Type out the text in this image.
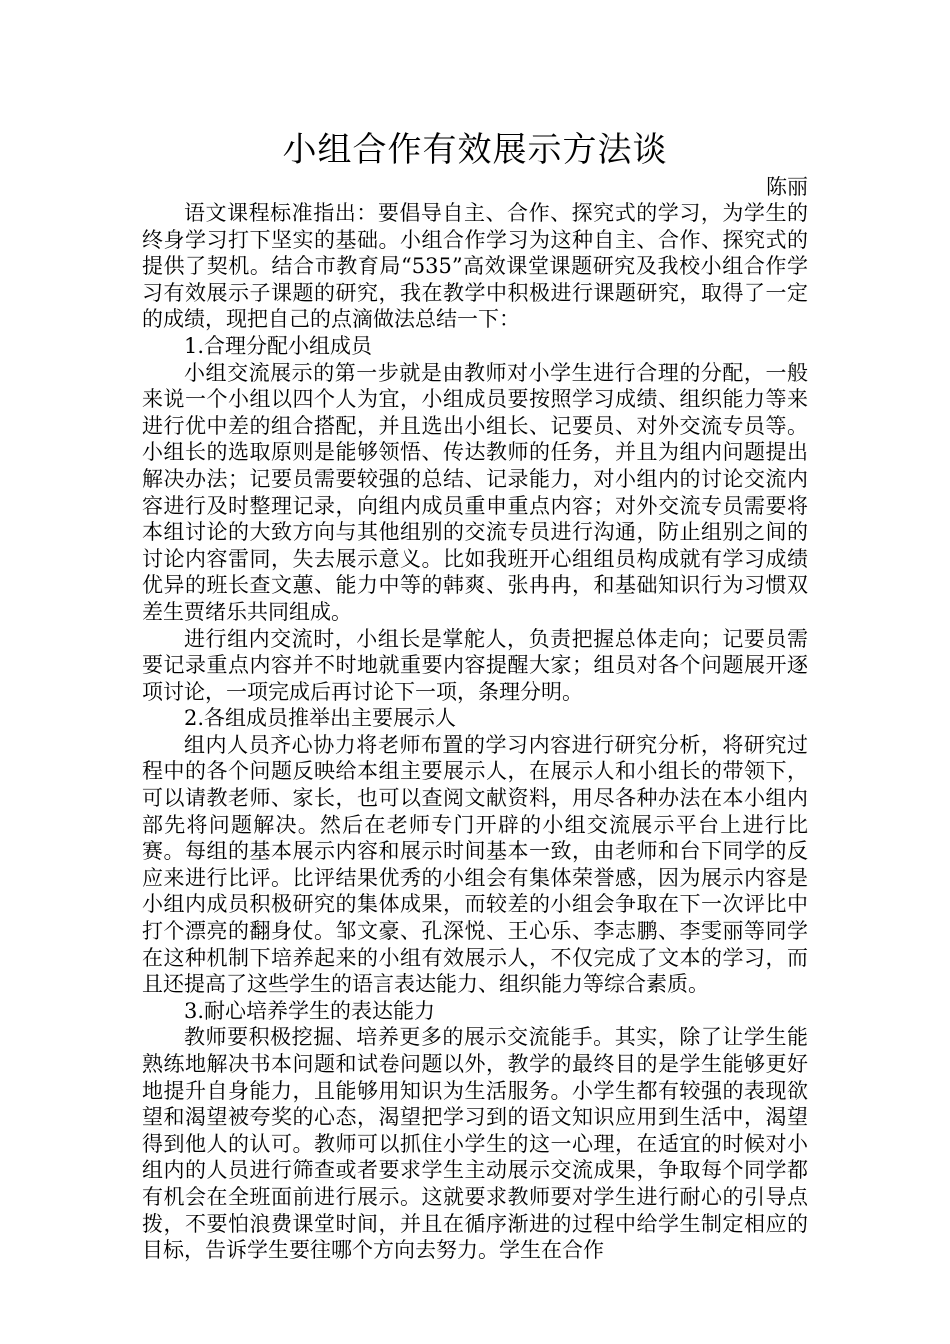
小组合作有效展示方法谈
陈丽

语文课程标准指出：要倡导自主、合作、探究式的学习，为学生的终身学习打下坚实的基础。小组合作学习为这种自主、合作、探究式的提供了契机。结合市教育局“535”高效课堂课题研究及我校小组合作学习有效展示子课题的研究，我在教学中积极进行课题研究，取得了一定的成绩，现把自己的点滴做法总结一下：

1.合理分配小组成员

小组交流展示的第一步就是由教师对小学生进行合理的分配，一般来说一个小组以四个人为宜，小组成员要按照学习成绩、组织能力等来进行优中差的组合搭配，并且选出小组长、记要员、对外交流专员等。小组长的选取原则是能够领悟、传达教师的任务，并且为组内问题提出解决办法；记要员需要较强的总结、记录能力，对小组内的讨论交流内容进行及时整理记录，向组内成员重申重点内容；对外交流专员需要将本组讨论的大致方向与其他组别的交流专员进行沟通，防止组别之间的讨论内容雷同，失去展示意义。比如我班开心组组员构成就有学习成绩优异的班长查文蕙、能力中等的韩爽、张冉冉，和基础知识行为习惯双差生贾绪乐共同组成。

进行组内交流时，小组长是掌舵人，负责把握总体走向；记要员需要记录重点内容并不时地就重要内容提醒大家；组员对各个问题展开逐项讨论，一项完成后再讨论下一项，条理分明。

2.各组成员推举出主要展示人

组内人员齐心协力将老师布置的学习内容进行研究分析，将研究过程中的各个问题反映给本组主要展示人，在展示人和小组长的带领下，可以请教老师、家长，也可以查阅文献资料，用尽各种办法在本小组内部先将问题解决。然后在老师专门开辟的小组交流展示平台上进行比赛。每组的基本展示内容和展示时间基本一致，由老师和台下同学的反应来进行比评。比评结果优秀的小组会有集体荣誉感，因为展示内容是小组内成员积极研究的集体成果，而较差的小组会争取在下一次评比中打个漂亮的翻身仗。邹文豪、孔深悦、王心乐、李志鹏、李雯丽等同学在这种机制下培养起来的小组有效展示人，不仅完成了文本的学习，而且还提高了这些学生的语言表达能力、组织能力等综合素质。

3.耐心培养学生的表达能力

教师要积极挖掘、培养更多的展示交流能手。其实，除了让学生能熟练地解决书本问题和试卷问题以外，教学的最终目的是学生能够更好地提升自身能力，且能够用知识为生活服务。小学生都有较强的表现欲望和渴望被夸奖的心态，渴望把学习到的语文知识应用到生活中，渴望得到他人的认可。教师可以抓住小学生的这一心理，在适宜的时候对小组内的人员进行筛查或者要求学生主动展示交流成果，争取每个同学都有机会在全班面前进行展示。这就要求教师要对学生进行耐心的引导点拨，不要怕浪费课堂时间，并且在循序渐进的过程中给学生制定相应的目标，告诉学生要往哪个方向去努力。学生在合作
